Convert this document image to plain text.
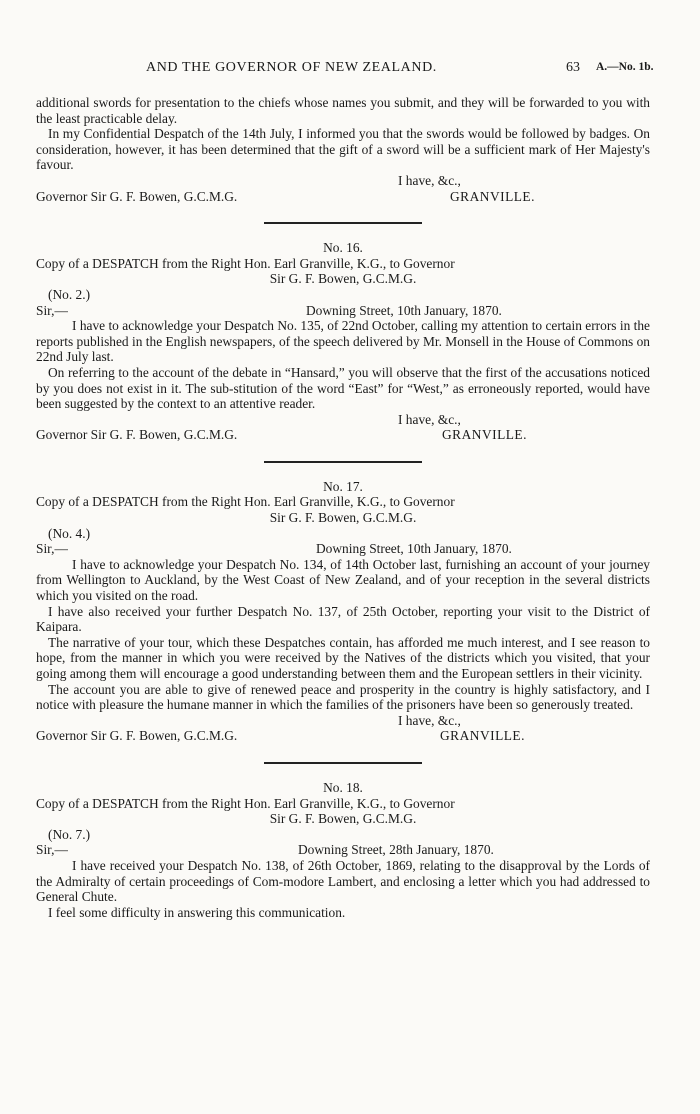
AND THE GOVERNOR OF NEW ZEALAND.	63 A.—No. 1b.

additional swords for presentation to the chiefs whose names you submit, and they will be forwarded to you with the least practicable delay.

In my Confidential Despatch of the 14th July, I informed you that the swords would be followed by badges. On consideration, however, it has been determined that the gift of a sword will be a sufficient mark of Her Majesty's favour.

I have, &c.,
Governor Sir G. F. Bowen, G.C.M.G.	GRANVILLE.
No. 16.

Copy of a DESPATCH from the Right Hon. Earl Granville, K.G., to Governor

Sir G. F. Bowen, G.C.M.G.
(No. 2.)
Sir,—	Downing Street, 10th January, 1870.

I have to acknowledge your Despatch No. 135, of 22nd October, calling my attention to certain errors in the reports published in the English newspapers, of the speech delivered by Mr. Monsell in the House of Commons on 22nd July last.

On referring to the account of the debate in “Hansard,” you will observe that the first of the accusations noticed by you does not exist in it. The sub-stitution of the word “East” for “West,” as erroneously reported, would have been suggested by the context to an attentive reader.

I have, &c.,
Governor Sir G. F. Bowen, G.C.M.G.	GRANVILLE.
No. 17.

Copy of a DESPATCH from the Right Hon. Earl Granville, K.G., to Governor

Sir G. F. Bowen, G.C.M.G.
(No. 4.)
Sir,—	Downing Street, 10th January, 1870.

I have to acknowledge your Despatch No. 134, of 14th October last, furnishing an account of your journey from Wellington to Auckland, by the West Coast of New Zealand, and of your reception in the several districts which you visited on the road.

I have also received your further Despatch No. 137, of 25th October, reporting your visit to the District of Kaipara.

The narrative of your tour, which these Despatches contain, has afforded me much interest, and I see reason to hope, from the manner in which you were received by the Natives of the districts which you visited, that your going among them will encourage a good understanding between them and the European settlers in their vicinity.

The account you are able to give of renewed peace and prosperity in the country is highly satisfactory, and I notice with pleasure the humane manner in which the families of the prisoners have been so generously treated.

I have, &c.,
Governor Sir G. F. Bowen, G.C.M.G.	GRANVILLE.
No. 18.

Copy of a DESPATCH from the Right Hon. Earl Granville, K.G., to Governor

Sir G. F. Bowen, G.C.M.G.
(No. 7.)
Sir,—	Downing Street, 28th January, 1870.

I have received your Despatch No. 138, of 26th October, 1869, relating to the disapproval by the Lords of the Admiralty of certain proceedings of Com-modore Lambert, and enclosing a letter which you had addressed to General Chute.

I feel some difficulty in answering this communication.
